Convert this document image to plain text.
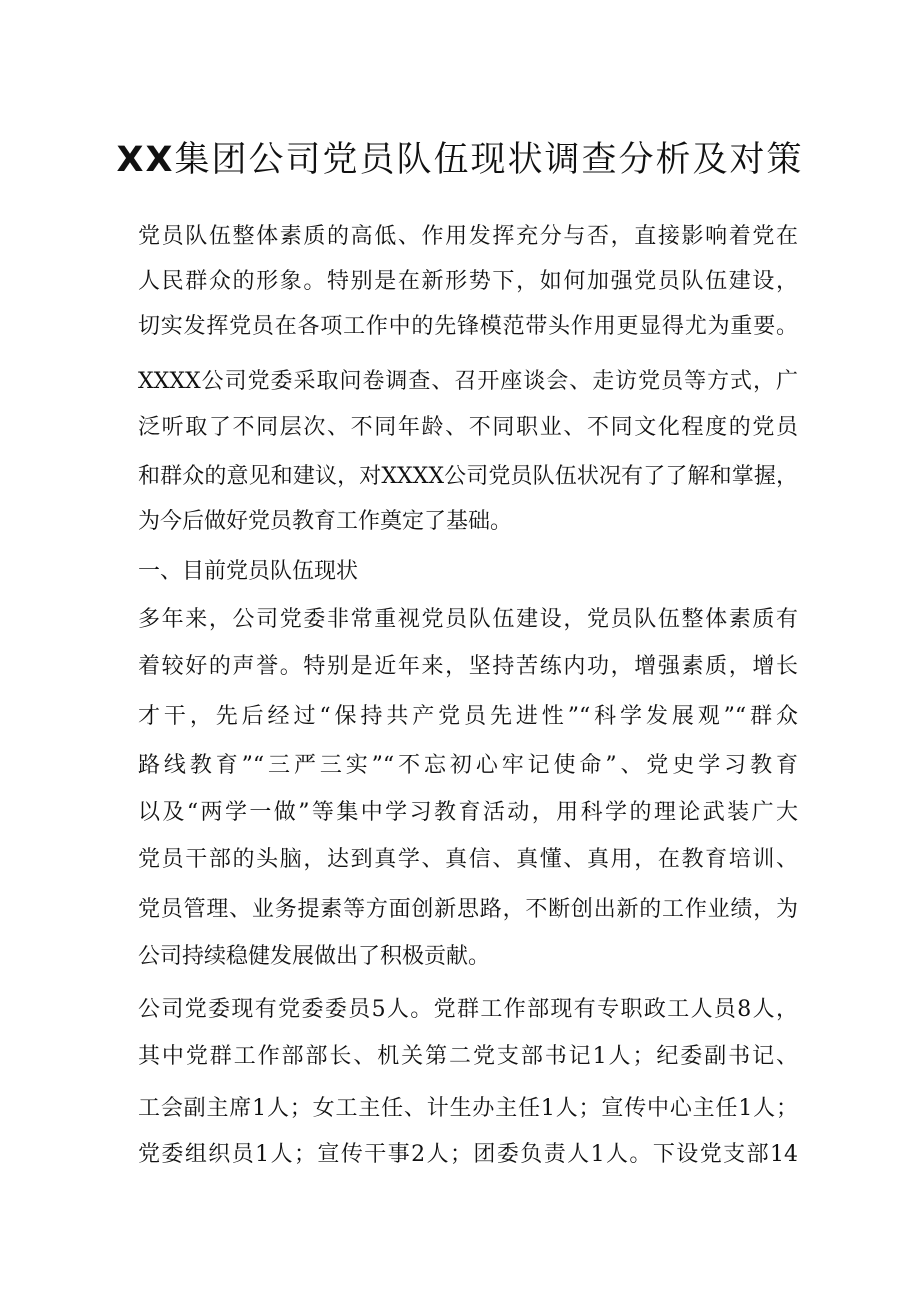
XX集团公司党员队伍现状调查分析及对策
党员队伍整体素质的高低、作用发挥充分与否，直接影响着党在
人民群众的形象。特别是在新形势下，如何加强党员队伍建设，
切实发挥党员在各项工作中的先锋模范带头作用更显得尤为重要。
XXXX公司党委采取问卷调查、召开座谈会、走访党员等方式，广
泛听取了不同层次、不同年龄、不同职业、不同文化程度的党员
和群众的意见和建议，对XXXX公司党员队伍状况有了了解和掌握，
为今后做好党员教育工作奠定了基础。
一、目前党员队伍现状
多年来，公司党委非常重视党员队伍建设，党员队伍整体素质有
着较好的声誉。特别是近年来，坚持苦练内功，增强素质，增长
才干，先后经过“保持共产党员先进性”“科学发展观”“群众
路线教育”“三严三实”“不忘初心牢记使命”、党史学习教育
以及“两学一做”等集中学习教育活动，用科学的理论武装广大
党员干部的头脑，达到真学、真信、真懂、真用，在教育培训、
党员管理、业务提素等方面创新思路，不断创出新的工作业绩，为
公司持续稳健发展做出了积极贡献。
公司党委现有党委委员5人。党群工作部现有专职政工人员8人，
其中党群工作部部长、机关第二党支部书记1人；纪委副书记、
工会副主席1人；女工主任、计生办主任1人；宣传中心主任1人；
党委组织员1人；宣传干事2人；团委负责人1人。下设党支部14
